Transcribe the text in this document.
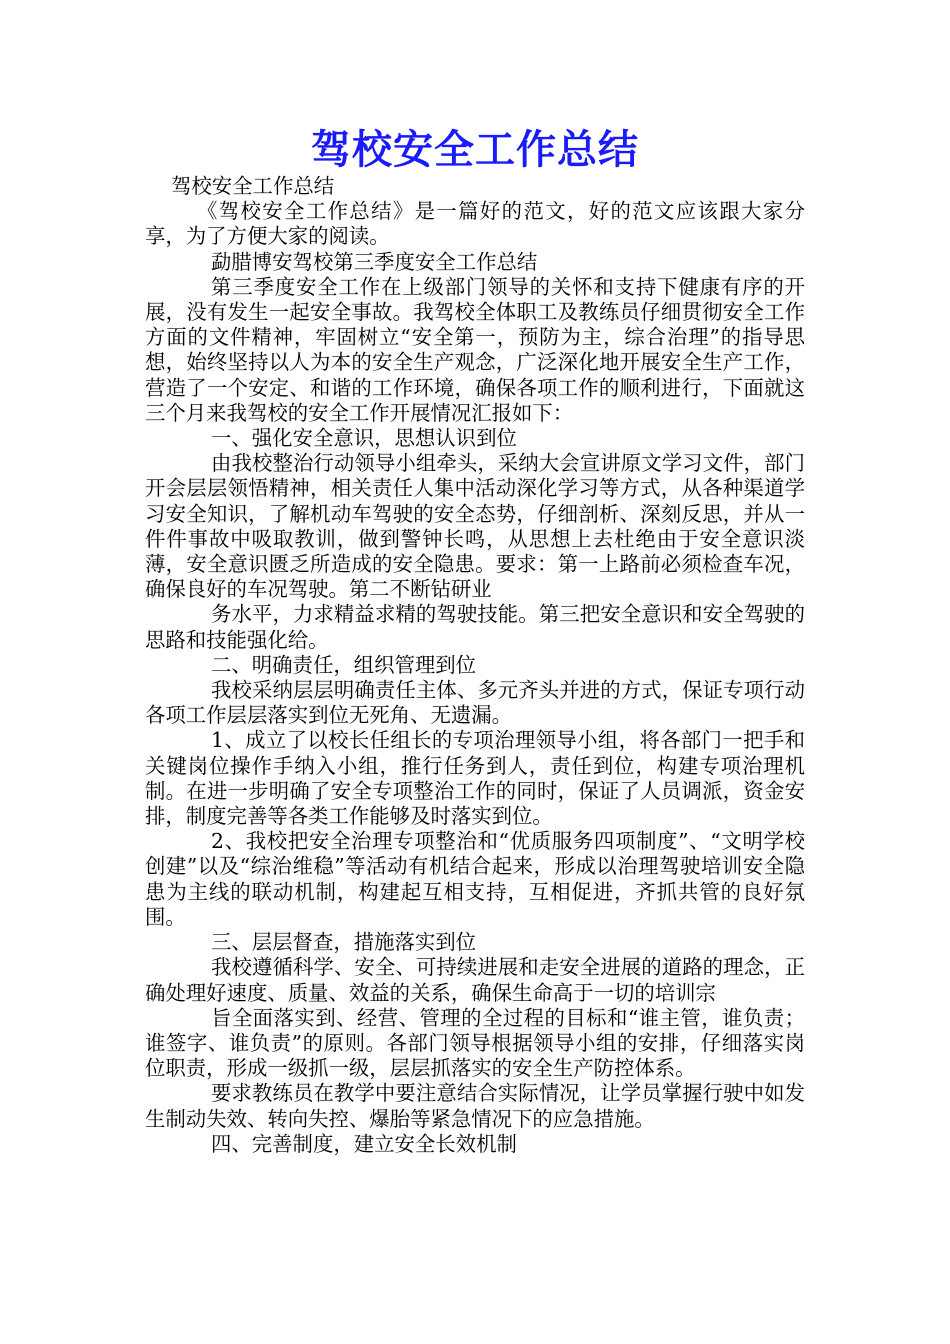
驾校安全工作总结

驾校安全工作总结

《驾校安全工作总结》是一篇好的范文，好的范文应该跟大家分享，为了方便大家的阅读。

勐腊博安驾校第三季度安全工作总结

第三季度安全工作在上级部门领导的关怀和支持下健康有序的开展，没有发生一起安全事故。我驾校全体职工及教练员仔细贯彻安全工作方面的文件精神，牢固树立“安全第一，预防为主，综合治理”的指导思想，始终坚持以人为本的安全生产观念，广泛深化地开展安全生产工作，营造了一个安定、和谐的工作环境，确保各项工作的顺利进行，下面就这三个月来我驾校的安全工作开展情况汇报如下：

一、强化安全意识，思想认识到位

由我校整治行动领导小组牵头，采纳大会宣讲原文学习文件，部门开会层层领悟精神，相关责任人集中活动深化学习等方式，从各种渠道学习安全知识，了解机动车驾驶的安全态势，仔细剖析、深刻反思，并从一件件事故中吸取教训，做到警钟长鸣，从思想上去杜绝由于安全意识淡薄，安全意识匮乏所造成的安全隐患。要求：第一上路前必须检查车况，确保良好的车况驾驶。第二不断钻研业

务水平，力求精益求精的驾驶技能。第三把安全意识和安全驾驶的思路和技能强化给。

二、明确责任，组织管理到位

我校采纳层层明确责任主体、多元齐头并进的方式，保证专项行动各项工作层层落实到位无死角、无遗漏。

1、成立了以校长任组长的专项治理领导小组，将各部门一把手和关键岗位操作手纳入小组，推行任务到人，责任到位，构建专项治理机制。在进一步明确了安全专项整治工作的同时，保证了人员调派，资金安排，制度完善等各类工作能够及时落实到位。

2、我校把安全治理专项整治和“优质服务四项制度”、“文明学校创建”以及“综治维稳”等活动有机结合起来，形成以治理驾驶培训安全隐患为主线的联动机制，构建起互相支持，互相促进，齐抓共管的良好氛围。

三、层层督查，措施落实到位

我校遵循科学、安全、可持续进展和走安全进展的道路的理念，正确处理好速度、质量、效益的关系，确保生命高于一切的培训宗

旨全面落实到、经营、管理的全过程的目标和“谁主管，谁负责；谁签字、谁负责”的原则。各部门领导根据领导小组的安排，仔细落实岗位职责，形成一级抓一级，层层抓落实的安全生产防控体系。

要求教练员在教学中要注意结合实际情况，让学员掌握行驶中如发生制动失效、转向失控、爆胎等紧急情况下的应急措施。

四、完善制度，建立安全长效机制
